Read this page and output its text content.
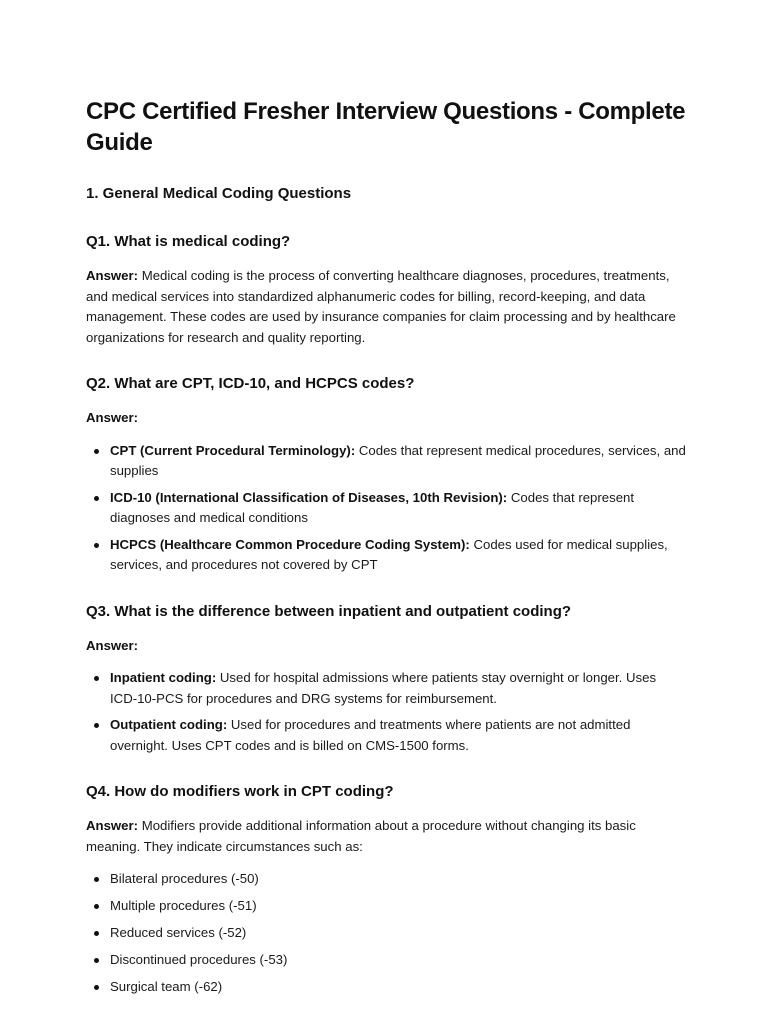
CPC Certified Fresher Interview Questions - Complete Guide
1. General Medical Coding Questions
Q1. What is medical coding?

Answer: Medical coding is the process of converting healthcare diagnoses, procedures, treatments, and medical services into standardized alphanumeric codes for billing, record-keeping, and data management. These codes are used by insurance companies for claim processing and by healthcare organizations for research and quality reporting.

Q2. What are CPT, ICD-10, and HCPCS codes?

Answer:

CPT (Current Procedural Terminology): Codes that represent medical procedures, services, and supplies
ICD-10 (International Classification of Diseases, 10th Revision): Codes that represent diagnoses and medical conditions
HCPCS (Healthcare Common Procedure Coding System): Codes used for medical supplies, services, and procedures not covered by CPT
Q3. What is the difference between inpatient and outpatient coding?

Answer:

Inpatient coding: Used for hospital admissions where patients stay overnight or longer. Uses ICD-10-PCS for procedures and DRG systems for reimbursement.
Outpatient coding: Used for procedures and treatments where patients are not admitted overnight. Uses CPT codes and is billed on CMS-1500 forms.
Q4. How do modifiers work in CPT coding?

Answer: Modifiers provide additional information about a procedure without changing its basic meaning. They indicate circumstances such as:

Bilateral procedures (-50)
Multiple procedures (-51)
Reduced services (-52)
Discontinued procedures (-53)
Surgical team (-62)
